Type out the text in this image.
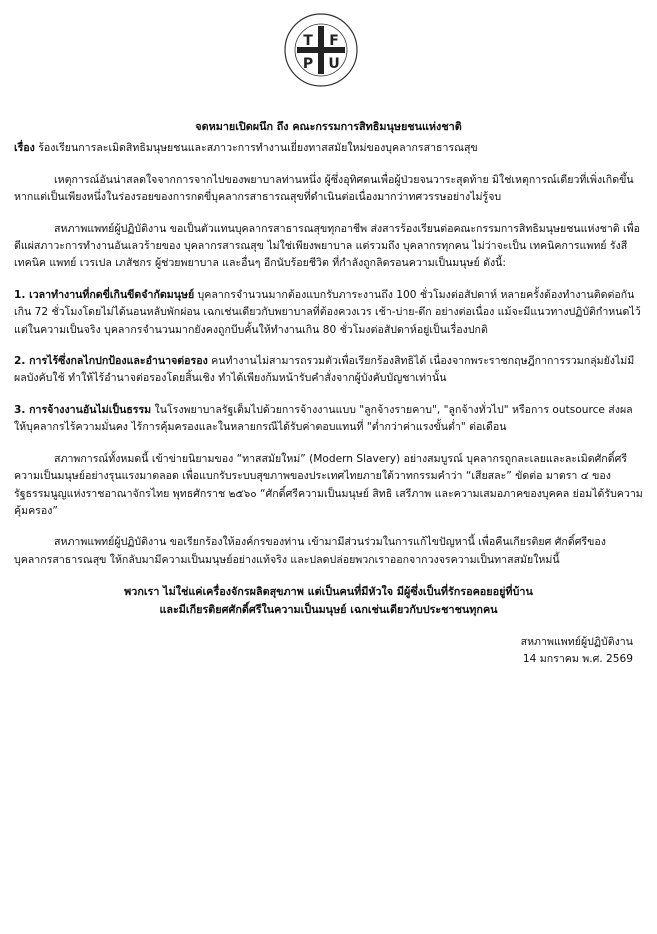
T F
P U

จดหมายเปิดผนึก ถึง คณะกรรมการสิทธิมนุษยชนแห่งชาติ

เรื่อง ร้องเรียนการละเมิดสิทธิมนุษยชนและสภาวะการทำงานเยี่ยงทาสสมัยใหม่ของบุคลากรสาธารณสุข

เหตุการณ์อันน่าสลดใจจากการจากไปของพยาบาลท่านหนึ่ง ผู้ซึ่งอุทิศตนเพื่อผู้ป่วยจนวาระสุดท้าย มิใช่เหตุการณ์เดียวที่เพิ่งเกิดขึ้น หากแต่เป็นเพียงหนึ่งในร่องรอยของการกดขี่บุคลากรสาธารณสุขที่ดำเนินต่อเนื่องมากว่าทศวรรษอย่างไม่รู้จบ

สหภาพแพทย์ผู้ปฏิบัติงาน ขอเป็นตัวแทนบุคลากรสาธารณสุขทุกอาชีพ ส่งสารร้องเรียนต่อคณะกรรมการสิทธิมนุษยชนแห่งชาติ เพื่อตีแผ่สภาวะการทำงานอันเลวร้ายของ บุคลากรสารณสุข ไม่ใช่เพียงพยาบาล แต่รวมถึง บุคลากรทุกคน ไม่ว่าจะเป็น เทคนิคการแพทย์ รังสีเทคนิค แพทย์ เวรเปล เภสัชกร ผู้ช่วยพยาบาล และอื่นๆ อีกนับร้อยชีวิต ที่กำลังถูกลิดรอนความเป็นมนุษย์ ดังนี้:

1. เวลาทำงานที่กดขี่เกินขีดจำกัดมนุษย์ บุคลากรจำนวนมากต้องแบกรับภาระงานถึง 100 ชั่วโมงต่อสัปดาห์ หลายครั้งต้องทำงานติดต่อกันเกิน 72 ชั่วโมงโดยไม่ได้นอนหลับพักผ่อน เฉกเช่นเดียวกับพยาบาลที่ต้องควงเวร เช้า-บ่าย-ดึก อย่างต่อเนื่อง แม้จะมีแนวทางปฏิบัติกำหนดไว้ แต่ในความเป็นจริง บุคลากรจำนวนมากยังคงถูกบีบคั้นให้ทำงานเกิน 80 ชั่วโมงต่อสัปดาห์อยู่เป็นเรื่องปกติ

2. การไร้ซึ่งกลไกปกป้องและอำนาจต่อรอง คนทำงานไม่สามารถรวมตัวเพื่อเรียกร้องสิทธิได้ เนื่องจากพระราชกฤษฎีกาการรวมกลุ่มยังไม่มีผลบังคับใช้ ทำให้ไร้อำนาจต่อรองโดยสิ้นเชิง ทำได้เพียงก้มหน้ารับคำสั่งจากผู้บังคับบัญชาเท่านั้น

3. การจ้างงานอันไม่เป็นธรรม ในโรงพยาบาลรัฐเต็มไปด้วยการจ้างงานแบบ "ลูกจ้างรายคาบ", "ลูกจ้างทั่วไป" หรือการ outsource ส่งผลให้บุคลากรไร้ความมั่นคง ไร้การคุ้มครองและในหลายกรณีได้รับค่าตอบแทนที่ "ต่ำกว่าค่าแรงขั้นต่ำ" ต่อเดือน

สภาพการณ์ทั้งหมดนี้ เข้าข่ายนิยามของ “ทาสสมัยใหม่” (Modern Slavery) อย่างสมบูรณ์ บุคลากรถูกละเลยและละเมิดศักดิ์ศรีความเป็นมนุษย์อย่างรุนแรงมาตลอด เพื่อแบกรับระบบสุขภาพของประเทศไทยภายใต้วาทกรรมคำว่า “เสียสละ” ขัดต่อ มาตรา ๔ ของรัฐธรรมนูญแห่งราชอาณาจักรไทย พุทธศักราช ๒๕๖๐ “ศักดิ์ศรีความเป็นมนุษย์ สิทธิ เสรีภาพ และความเสมอภาคของบุคคล ย่อมได้รับความคุ้มครอง”

สหภาพแพทย์ผู้ปฏิบัติงาน ขอเรียกร้องให้องค์กรของท่าน เข้ามามีส่วนร่วมในการแก้ไขปัญหานี้ เพื่อคืนเกียรติยศ ศักดิ์ศรีของบุคลากรสาธารณสุข ให้กลับมามีความเป็นมนุษย์อย่างแท้จริง และปลดปล่อยพวกเราออกจากวงจรความเป็นทาสสมัยใหม่นี้

พวกเรา ไม่ใช่แค่เครื่องจักรผลิตสุขภาพ แต่เป็นคนที่มีหัวใจ มีผู้ซึ่งเป็นที่รักรอคอยอยู่ที่บ้าน

และมีเกียรติยศศักดิ์ศรีในความเป็นมนุษย์ เฉกเช่นเดียวกับประชาชนทุกคน

สหภาพแพทย์ผู้ปฏิบัติงาน

14 มกราคม พ.ศ. 2569
